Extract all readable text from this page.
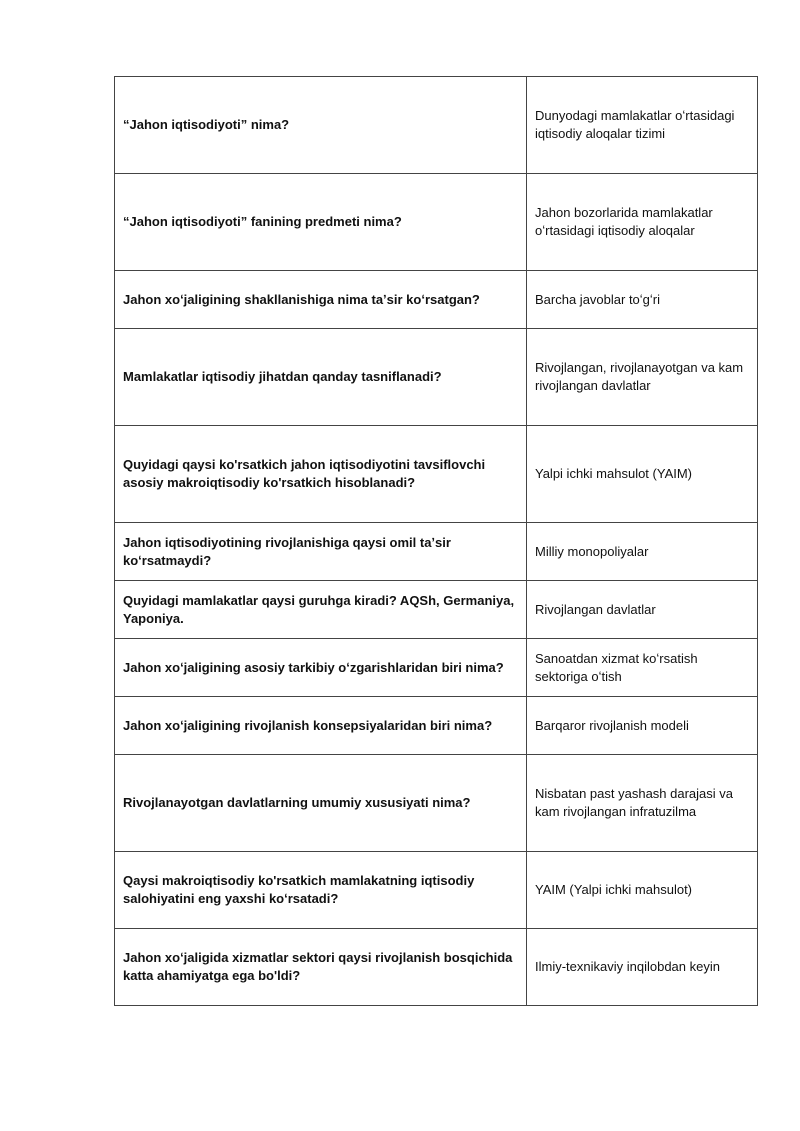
“Jahon iqtisodiyoti” nima?	Dunyodagi mamlakatlar oʻrtasidagi iqtisodiy aloqalar tizimi
“Jahon iqtisodiyoti” fanining predmeti nima?	Jahon bozorlarida mamlakatlar oʻrtasidagi iqtisodiy aloqalar
Jahon xoʻjaligining shakllanishiga nima taʼsir koʻrsatgan?	Barcha javoblar toʻgʻri
Mamlakatlar iqtisodiy jihatdan qanday tasniflanadi?	Rivojlangan, rivojlanayotgan va kam rivojlangan davlatlar
Quyidagi qaysi ko'rsatkich jahon iqtisodiyotini tavsiflovchi asosiy makroiqtisodiy ko'rsatkich hisoblanadi?	Yalpi ichki mahsulot (YAIM)
Jahon iqtisodiyotining rivojlanishiga qaysi omil taʼsir koʻrsatmaydi?	Milliy monopoliyalar
Quyidagi mamlakatlar qaysi guruhga kiradi? AQSh, Germaniya, Yaponiya.	Rivojlangan davlatlar
Jahon xoʻjaligining asosiy tarkibiy oʻzgarishlaridan biri nima?	Sanoatdan xizmat koʻrsatish sektoriga oʻtish
Jahon xoʻjaligining rivojlanish konsepsiyalaridan biri nima?	Barqaror rivojlanish modeli
Rivojlanayotgan davlatlarning umumiy xususiyati nima?	Nisbatan past yashash darajasi va kam rivojlangan infratuzilma
Qaysi makroiqtisodiy ko'rsatkich mamlakatning iqtisodiy salohiyatini eng yaxshi koʻrsatadi?	YAIM (Yalpi ichki mahsulot)
Jahon xoʻjaligida xizmatlar sektori qaysi rivojlanish bosqichida katta ahamiyatga ega bo'ldi?	Ilmiy-texnikaviy inqilobdan keyin
